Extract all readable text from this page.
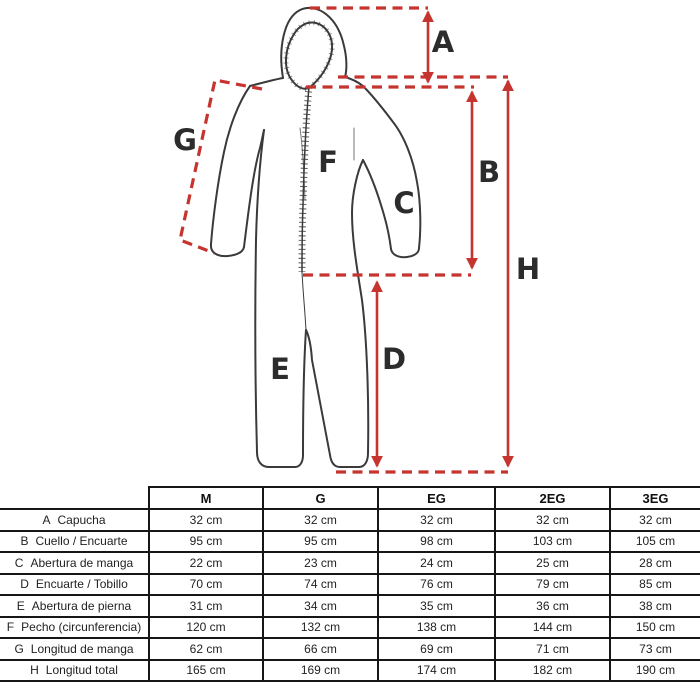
A
B
C
D
E
F
G
H
	M	G	EG	2EG	3EG
A Capucha	32 cm	32 cm	32 cm	32 cm	32 cm
B Cuello / Encuarte	95 cm	95 cm	98 cm	103 cm	105 cm
C Abertura de manga	22 cm	23 cm	24 cm	25 cm	28 cm
D Encuarte / Tobillo	70 cm	74 cm	76 cm	79 cm	85 cm
E Abertura de pierna	31 cm	34 cm	35 cm	36 cm	38 cm
F Pecho (circunferencia)	120 cm	132 cm	138 cm	144 cm	150 cm
G Longitud de manga	62 cm	66 cm	69 cm	71 cm	73 cm
H Longitud total	165 cm	169 cm	174 cm	182 cm	190 cm
